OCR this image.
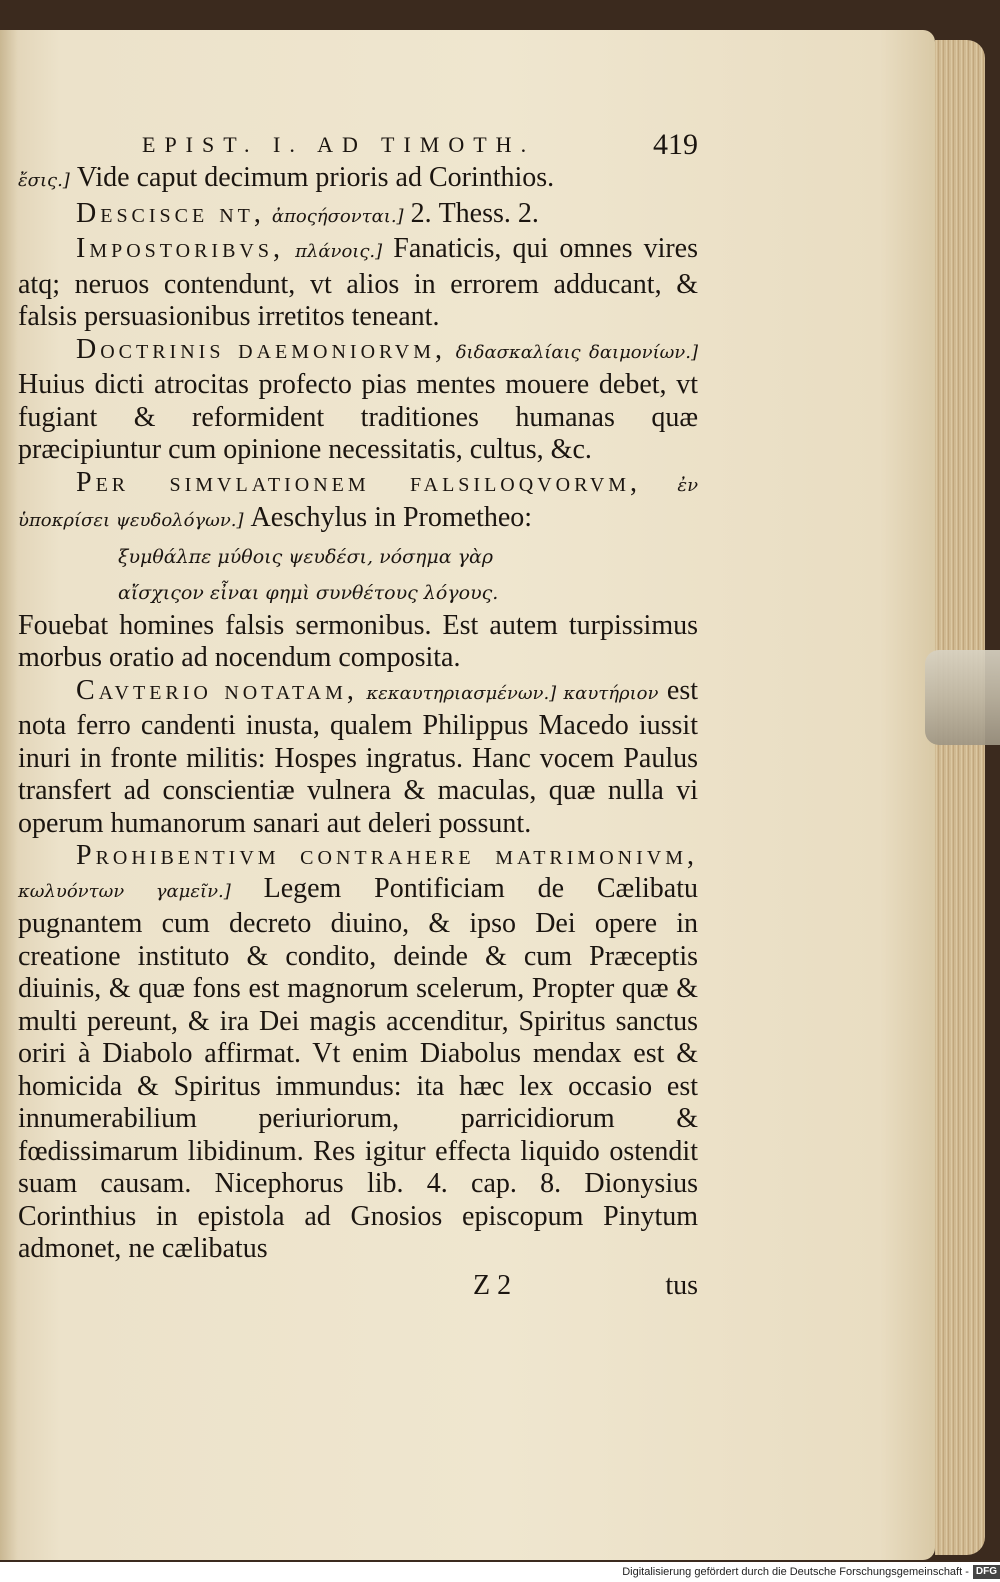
EPIST. I. AD TIMOTH.	419

ἔσις.] Vide caput decimum prioris ad Corinthios.

Descisce nt, ἀποςήσονται.] 2. Thess. 2.

Impostoribvs, πλάνοις.] Fanaticis, qui omnes vires atq; neruos contendunt, vt alios in errorem adducant, & falsis persuasionibus irretitos teneant.

Doctrinis daemoniorvm, διδασκαλίαις δαιμονίων.] Huius dicti atrocitas profecto pias mentes mouere debet, vt fugiant & reformident traditiones humanas quæ præcipiuntur cum opinione necessitatis, cultus, &c.

Per simvlationem falsiloqvorvm, ἐν ὑποκρίσει ψευδολόγων.] Aeschylus in Prometheo:

ξυμθάλπε μύθοις ψευδέσι, νόσημα γὰρ
αἴσχιςον εἶναι φημὶ συνθέτους λόγους.

Fouebat homines falsis sermonibus. Est autem turpissimus morbus oratio ad nocendum composita.

Cavterio notatam, κεκαυτηριασμένων.] καυτήριον est nota ferro candenti inusta, qualem Philippus Macedo iussit inuri in fronte militis: Hospes ingratus. Hanc vocem Paulus transfert ad conscientiæ vulnera & maculas, quæ nulla vi operum humanorum sanari aut deleri possunt.

Prohibentivm contrahere matrimonivm, κωλυόντων γαμεῖν.] Legem Pontificiam de Cælibatu pugnantem cum decreto diuino, & ipso Dei opere in creatione instituto & condito, deinde & cum Præceptis diuinis, & quæ fons est magnorum scelerum, Propter quæ & multi pereunt, & ira Dei magis accenditur, Spiritus sanctus oriri à Diabolo affirmat. Vt enim Diabolus mendax est & homicida & Spiritus immundus: ita hæc lex occasio est innumerabilium periuriorum, parricidiorum & fœdissimarum libidinum. Res igitur effecta liquido ostendit suam causam. Nicephorus lib. 4. cap. 8. Dionysius Corinthius in epistola ad Gnosios episcopum Pinytum admonet, ne cælibatus

Z 2	tus
Digitalisierung gefördert durch die Deutsche Forschungsgemeinschaft - DFG
